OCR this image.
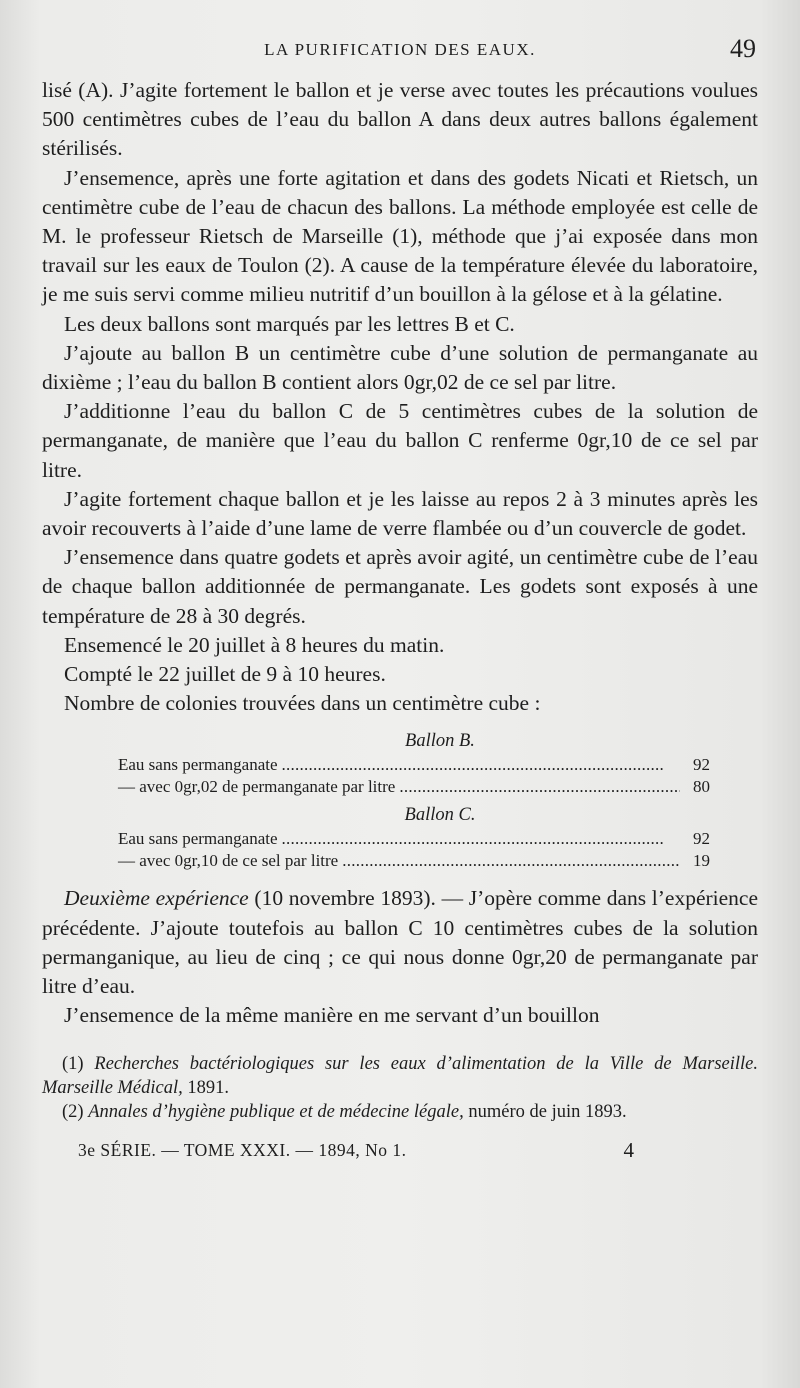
LA PURIFICATION DES EAUX.	49

lisé (A). J’agite fortement le ballon et je verse avec toutes les précautions voulues 500 centimètres cubes de l’eau du ballon A dans deux autres ballons également stérilisés.

J’ensemence, après une forte agitation et dans des godets Nicati et Rietsch, un centimètre cube de l’eau de chacun des ballons. La méthode employée est celle de M. le professeur Rietsch de Marseille (1), méthode que j’ai exposée dans mon travail sur les eaux de Toulon (2). A cause de la température élevée du laboratoire, je me suis servi comme milieu nutritif d’un bouillon à la gélose et à la gélatine.

Les deux ballons sont marqués par les lettres B et C.

J’ajoute au ballon B un centimètre cube d’une solution de permanganate au dixième ; l’eau du ballon B contient alors 0gr,02 de ce sel par litre.

J’additionne l’eau du ballon C de 5 centimètres cubes de la solution de permanganate, de manière que l’eau du ballon C renferme 0gr,10 de ce sel par litre.

J’agite fortement chaque ballon et je les laisse au repos 2 à 3 minutes après les avoir recouverts à l’aide d’une lame de verre flambée ou d’un couvercle de godet.

J’ensemence dans quatre godets et après avoir agité, un centimètre cube de l’eau de chaque ballon additionnée de permanganate. Les godets sont exposés à une température de 28 à 30 degrés.

Ensemencé le 20 juillet à 8 heures du matin.

Compté le 22 juillet de 9 à 10 heures.

Nombre de colonies trouvées dans un centimètre cube :

Ballon B.
Eau sans permanganate . . .	92
— avec 0gr,02 de permanganate par litre . . .	80
Ballon C.
Eau sans permanganate . . .	92
— avec 0gr,10 de ce sel par litre . . .	19

Deuxième expérience (10 novembre 1893). — J’opère comme dans l’expérience précédente. J’ajoute toutefois au ballon C 10 centimètres cubes de la solution permanganique, au lieu de cinq ; ce qui nous donne 0gr,20 de permanganate par litre d’eau.

J’ensemence de la même manière en me servant d’un bouillon

(1) Recherches bactériologiques sur les eaux d’alimentation de la Ville de Marseille. Marseille Médical, 1891.

(2) Annales d’hygiène publique et de médecine légale, numéro de juin 1893.

3e SÉRIE. — TOME XXXI. — 1894, No 1.	4
